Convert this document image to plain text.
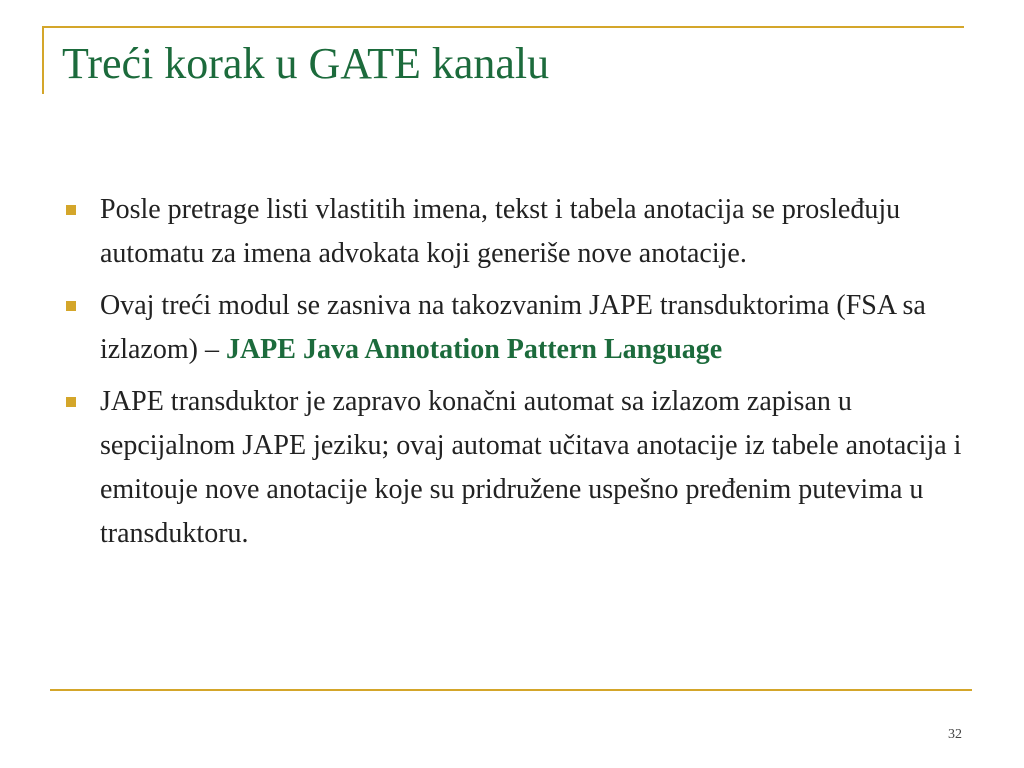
Treći korak u GATE kanalu
Posle pretrage listi vlastitih imena, tekst i tabela anotacija se prosleđuju automatu za imena advokata koji generiše nove anotacije.
Ovaj treći modul se zasniva na takozvanim JAPE transduktorima (FSA sa izlazom) – JAPE Java Annotation Pattern Language
JAPE transduktor je zapravo konačni automat sa izlazom zapisan u sepcijalnom JAPE jeziku; ovaj automat učitava anotacije iz tabele anotacija i emitouje nove anotacije koje su pridružene uspešno pređenim putevima u transduktoru.
32
